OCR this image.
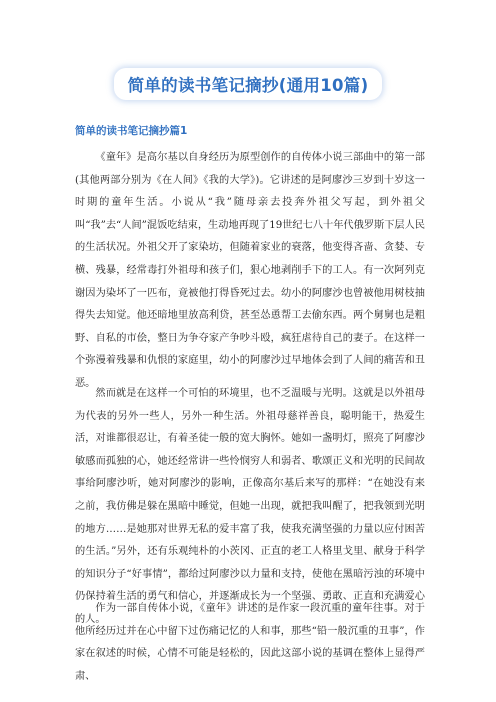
简单的读书笔记摘抄(通用10篇)
简单的读书笔记摘抄篇1

《童年》是高尔基以自身经历为原型创作的自传体小说三部曲中的第一部(其他两部分别为《在人间》《我的大学》)。它讲述的是阿廖沙三岁到十岁这一时期的童年生活。小说从“我”随母亲去投奔外祖父写起，到外祖父叫“我”去“人间”混饭吃结束，生动地再现了19世纪七八十年代俄罗斯下层人民的生活状况。外祖父开了家染坊，但随着家业的衰落，他变得吝啬、贪婪、专横、残暴，经常毒打外祖母和孩子们，狠心地剥削手下的工人。有一次阿列克谢因为染坏了一匹布，竟被他打得昏死过去。幼小的阿廖沙也曾被他用树枝抽得失去知觉。他还暗地里放高利贷，甚至怂恿帮工去偷东西。两个舅舅也是粗野、自私的市侩，整日为争夺家产争吵斗殴，疯狂虐待自己的妻子。在这样一个弥漫着残暴和仇恨的家庭里，幼小的阿廖沙过早地体会到了人间的痛苦和丑恶。

然而就是在这样一个可怕的环境里，也不乏温暖与光明。这就是以外祖母为代表的另外一些人，另外一种生活。外祖母慈祥善良，聪明能干，热爱生活，对谁都很忍让，有着圣徒一般的宽大胸怀。她如一盏明灯，照亮了阿廖沙敏感而孤独的心，她还经常讲一些怜悯穷人和弱者、歌颂正义和光明的民间故事给阿廖沙听，她对阿廖沙的影响，正像高尔基后来写的那样：“在她没有来之前，我仿佛是躲在黑暗中睡觉，但她一出现，就把我叫醒了，把我领到光明的地方……是她那对世界无私的爱丰富了我，使我充满坚强的力量以应付困苦的生活。”另外，还有乐观纯朴的小茨冈、正直的老工人格里戈里、献身于科学的知识分子“好事情”，都给过阿廖沙以力量和支持，使他在黑暗污浊的环境中仍保持着生活的勇气和信心，并逐渐成长为一个坚强、勇敢、正直和充满爱心的人。

作为一部自传体小说，《童年》讲述的是作家一段沉重的童年往事。对于他所经历过并在心中留下过伤痛记忆的人和事，那些“铅一般沉重的丑事”，作家在叙述的时候，心情不可能是轻松的，因此这部小说的基调在整体上显得严肃、
